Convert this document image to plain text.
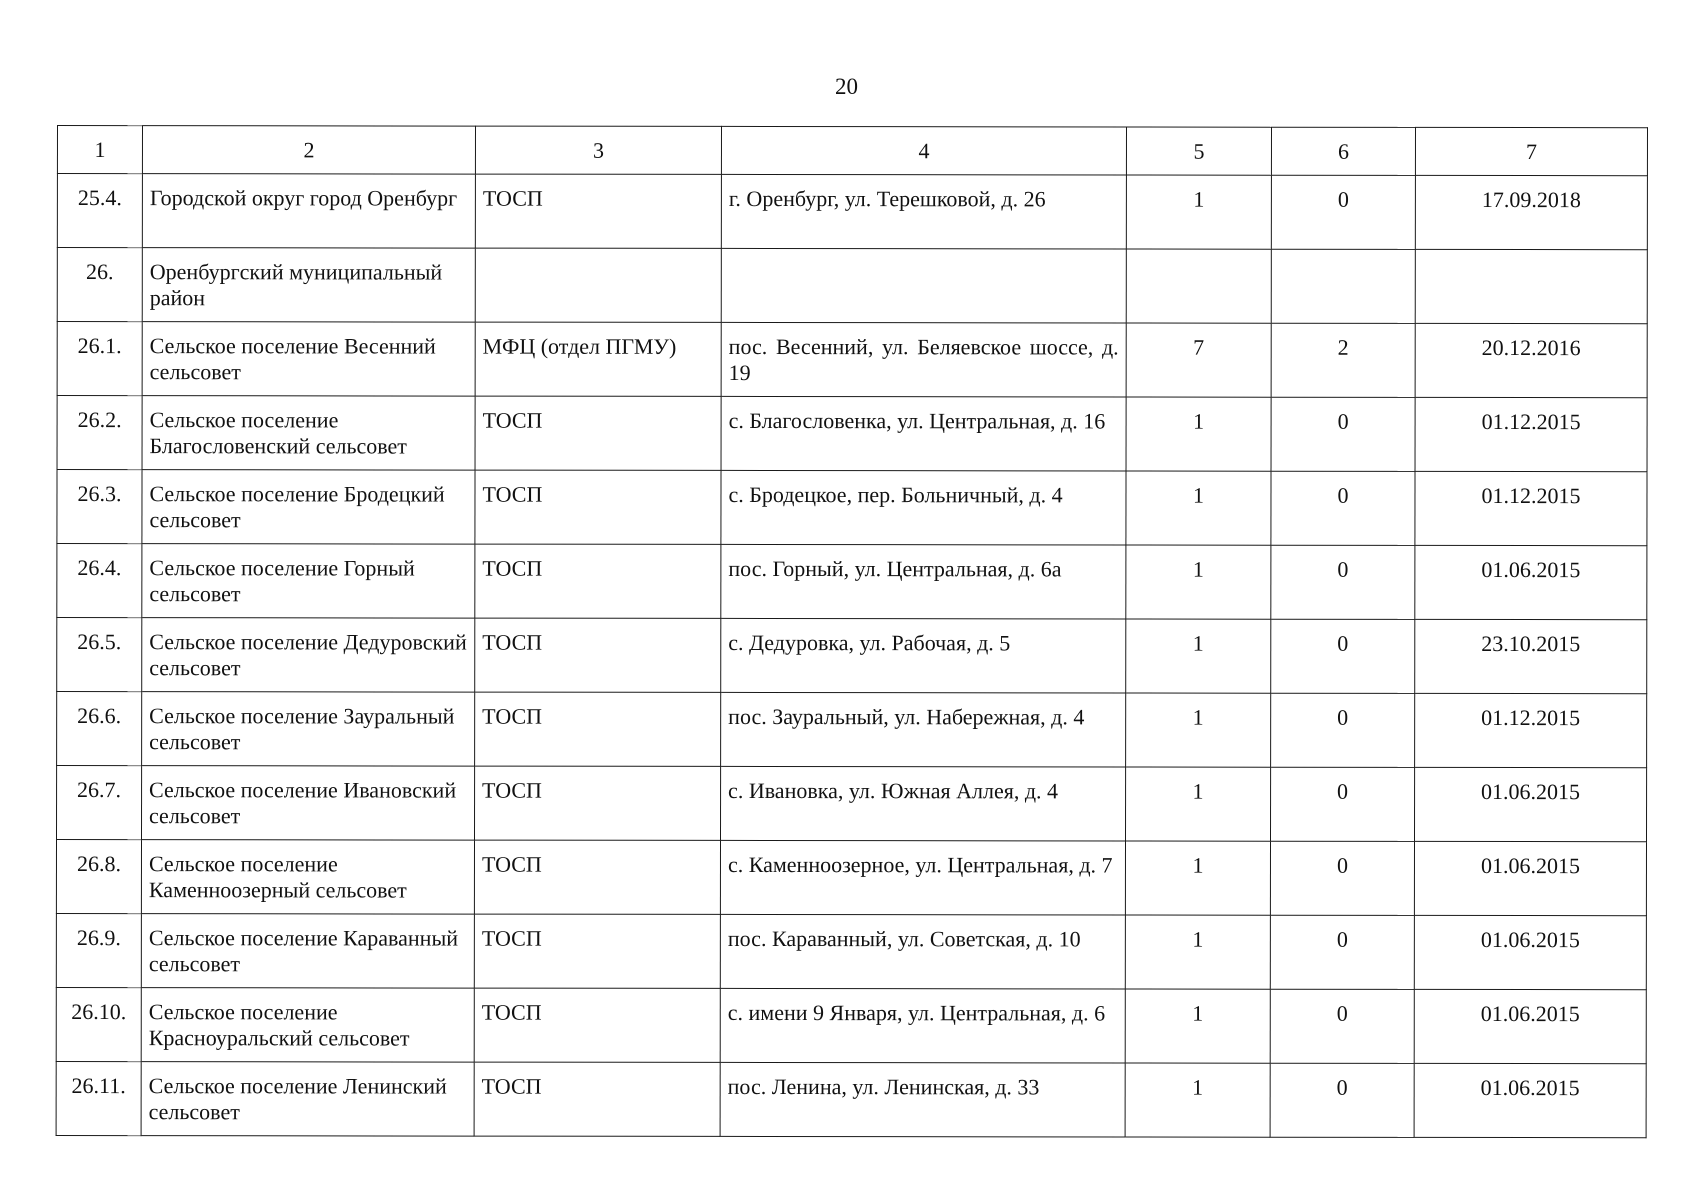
20
1	2	3	4	5	6	7
25.4.	Городской округ город Оренбург	ТОСП	г. Оренбург, ул. Терешковой, д. 26	1	0	17.09.2018
26.	Оренбургский муниципальный район					
26.1.	Сельское поселение Весенний сельсовет	МФЦ (отдел ПГМУ)	пос. Весенний, ул. Беляевское шоссе, д. 19	7	2	20.12.2016
26.2.	Сельское поселение Благословенский сельсовет	ТОСП	с. Благословенка, ул. Центральная, д. 16	1	0	01.12.2015
26.3.	Сельское поселение Бродецкий сельсовет	ТОСП	с. Бродецкое, пер. Больничный, д. 4	1	0	01.12.2015
26.4.	Сельское поселение Горный сельсовет	ТОСП	пос. Горный, ул. Центральная, д. 6а	1	0	01.06.2015
26.5.	Сельское поселение Дедуровский сельсовет	ТОСП	с. Дедуровка, ул. Рабочая, д. 5	1	0	23.10.2015
26.6.	Сельское поселение Зауральный сельсовет	ТОСП	пос. Зауральный, ул. Набережная, д. 4	1	0	01.12.2015
26.7.	Сельское поселение Ивановский сельсовет	ТОСП	с. Ивановка, ул. Южная Аллея, д. 4	1	0	01.06.2015
26.8.	Сельское поселение Каменноозерный сельсовет	ТОСП	с. Каменноозерное, ул. Центральная, д. 7	1	0	01.06.2015
26.9.	Сельское поселение Караванный сельсовет	ТОСП	пос. Караванный, ул. Советская, д. 10	1	0	01.06.2015
26.10.	Сельское поселение Красноуральский сельсовет	ТОСП	с. имени 9 Января, ул. Центральная, д. 6	1	0	01.06.2015
26.11.	Сельское поселение Ленинский сельсовет	ТОСП	пос. Ленина, ул. Ленинская, д. 33	1	0	01.06.2015
